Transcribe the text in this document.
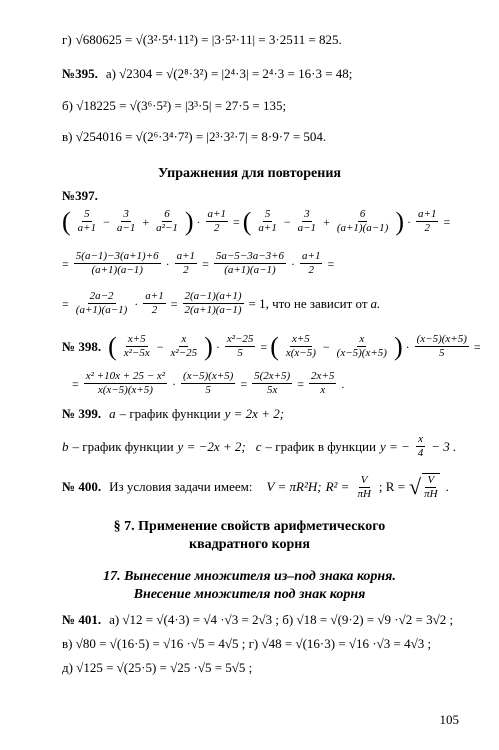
г) √680625 = √(3²·5⁴·11²) = |3·5²·11| = 3·2511 = 825.
№395. а) √2304 = √(2⁸·3²) = |2⁴·3| = 2⁴·3 = 16·3 = 48;
б) √18225 = √(3⁶·5²) = |3³·5| = 27·5 = 135;
в) √254016 = √(2⁶·3⁴·7²) = |2³·3²·7| = 8·9·7 = 504.
Упражнения для повторения
№397.
( $\frac{5}{a+1} - \frac{3}{a-1} + \frac{6}{\text{a²−1}}$ ) · $\frac{a+1}{2}$ = ( $\frac{5}{a+1} - \frac{3}{a-1} + \frac{6}{(a+1)(a-1)}$ ) · $\frac{a+1}{2}$ =
= $\frac{5(a-1)-3(a+1)+6}{(a+1)(a-1)} \cdot \frac{a+1}{2} = \frac{5a-5-3a-3+6}{(a+1)(a-1)} \cdot \frac{a+1}{2}$ =
= $\frac{2a-2}{(a+1)(a-1)} \cdot \frac{a+1}{2} = \frac{2(a-1)(a+1)}{2(a+1)(a-1)} = 1$, что не зависит от a.
№ 398. ( $\frac{x+5}{\text{x²−5x}} - \frac{x}{\text{x²−25}}$ ) · $\frac{\text{x²−25}}{5}$ = ( $\frac{x+5}{x(x-5)} - \frac{x}{(x-5)(x+5)}$ ) · $\frac{(x-5)(x+5)}{5}$ =
= $\frac{\text{x² +10x + 25 − x²}}{x(x-5)(x+5)} \cdot \frac{(x-5)(x+5)}{5} = \frac{5(2x+5)}{5x} = \frac{2x+5}{x}$ .
№ 399. a – график функции y = 2x + 2;
b – график функции y = −2x + 2; c – график в функции y = − $\frac{x}{4} - 3$ .
№ 400. Из условия задачи имеем: V = πR²H; $R^2 = \frac{V}{\pi H}$ ; R = √ $\frac{V}{\pi H}$ .
§ 7. Применение свойств арифметического
квадратного корня
17. Вынесение множителя из–под знака корня.
Внесение множителя под знак корня
№ 401. а) √12 = √(4·3) = √4 ·√3 = 2√3 ; б) √18 = √(9·2) = √9 ·√2 = 3√2 ;
в) √80 = √(16·5) = √16 ·√5 = 4√5 ; г) √48 = √(16·3) = √16 ·√3 = 4√3 ;
д) √125 = √(25·5) = √25 ·√5 = 5√5 ;
105
